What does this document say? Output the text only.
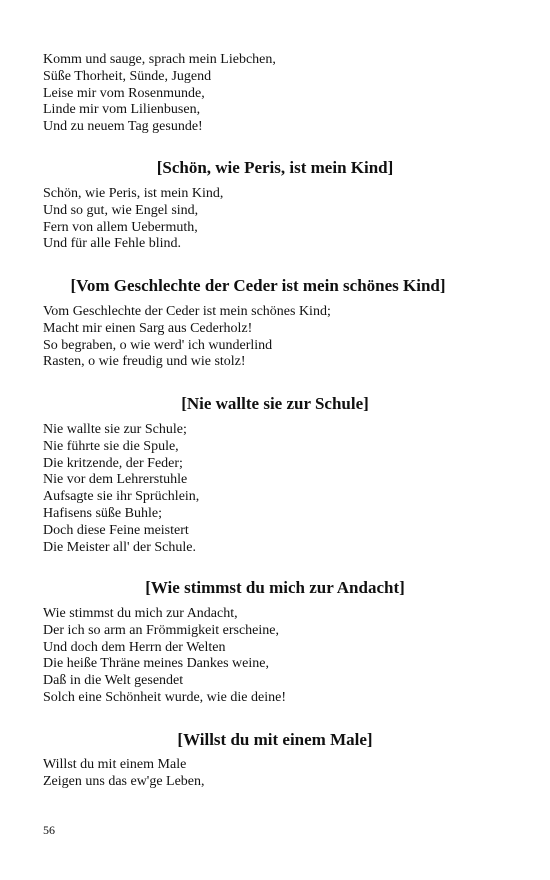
Komm und sauge, sprach mein Liebchen,
Süße Thorheit, Sünde, Jugend
Leise mir vom Rosenmunde,
Linde mir vom Lilienbusen,
Und zu neuem Tag gesunde!
[Schön, wie Peris, ist mein Kind]
Schön, wie Peris, ist mein Kind,
Und so gut, wie Engel sind,
Fern von allem Uebermuth,
Und für alle Fehle blind.
[Vom Geschlechte der Ceder ist mein schönes Kind]
Vom Geschlechte der Ceder ist mein schönes Kind;
Macht mir einen Sarg aus Cederholz!
So begraben, o wie werd' ich wunderlind
Rasten, o wie freudig und wie stolz!
[Nie wallte sie zur Schule]
Nie wallte sie zur Schule;
Nie führte sie die Spule,
Die kritzende, der Feder;
Nie vor dem Lehrerstuhle
Aufsagte sie ihr Sprüchlein,
Hafisens süße Buhle;
Doch diese Feine meistert
Die Meister all' der Schule.
[Wie stimmst du mich zur Andacht]
Wie stimmst du mich zur Andacht,
Der ich so arm an Frömmigkeit erscheine,
Und doch dem Herrn der Welten
Die heiße Thräne meines Dankes weine,
Daß in die Welt gesendet
Solch eine Schönheit wurde, wie die deine!
[Willst du mit einem Male]
Willst du mit einem Male
Zeigen uns das ew'ge Leben,
56
